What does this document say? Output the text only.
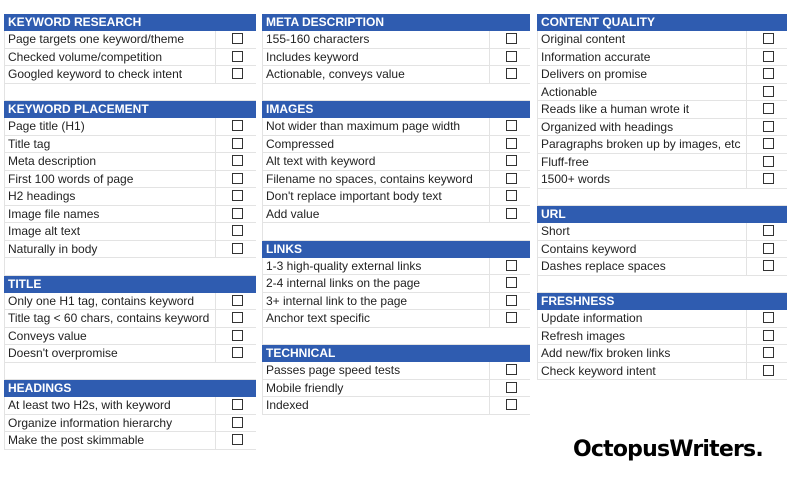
KEYWORD RESEARCH
Page targets one keyword/theme
Checked volume/competition
Googled keyword to check intent
KEYWORD PLACEMENT
Page title (H1)
Title tag
Meta description
First 100 words of page
H2 headings
Image file names
Image alt text
Naturally in body
TITLE
Only one H1 tag, contains keyword
Title tag < 60 chars, contains keyword
Conveys value
Doesn't overpromise
HEADINGS
At least two H2s, with keyword
Organize information hierarchy
Make the post skimmable
META DESCRIPTION
155-160 characters
Includes keyword
Actionable, conveys value
IMAGES
Not wider than maximum page width
Compressed
Alt text with keyword
Filename no spaces, contains keyword
Don't replace important body text
Add value
LINKS
1-3 high-quality external links
2-4 internal links on the page
3+ internal link to the page
Anchor text specific
TECHNICAL
Passes page speed tests
Mobile friendly
Indexed
CONTENT QUALITY
Original content
Information accurate
Delivers on promise
Actionable
Reads like a human wrote it
Organized with headings
Paragraphs broken up by images, etc
Fluff-free
1500+ words
URL
Short
Contains keyword
Dashes replace spaces
FRESHNESS
Update information
Refresh images
Add new/fix broken links
Check keyword intent
OctopusWriters.
